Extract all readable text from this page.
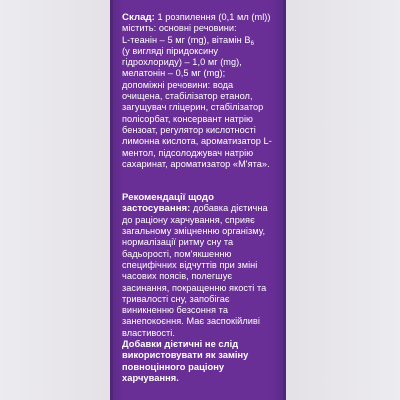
Склад: 1 розпилення (0,1 мл (ml)) містить: основні речовини:

L-теанін – 5 мг (mg), вітамін $В_6$

(у вигляді піридоксину гідрохлориду) – 1,0 мг (mg),

мелатонін – 0,5 мг (mg);

допоміжні речовини: вода очищена, стабілізатор етанол, загущувач гліцерин, стабілізатор полісорбат, консервант натрію бензоат, регулятор кислотності лимонна кислота, ароматизатор L-ментол, підсолоджувач натрію сахаринат, ароматизатор «М'ята».

Рекомендації щодо застосування: добавка дієтична до раціону харчування, сприяє загальному зміцненню організму, нормалізації ритму сну та бадьорості, пом'якшенню специфічних відчуттів при зміні часових поясів, полегшує засинання, покращенню якості та тривалості сну, запобігає виникненню безсоння та занепокоєння. Має заспокійливі властивості.

Добавки дієтичні не слід використовувати як заміну повноцінного раціону харчування.
